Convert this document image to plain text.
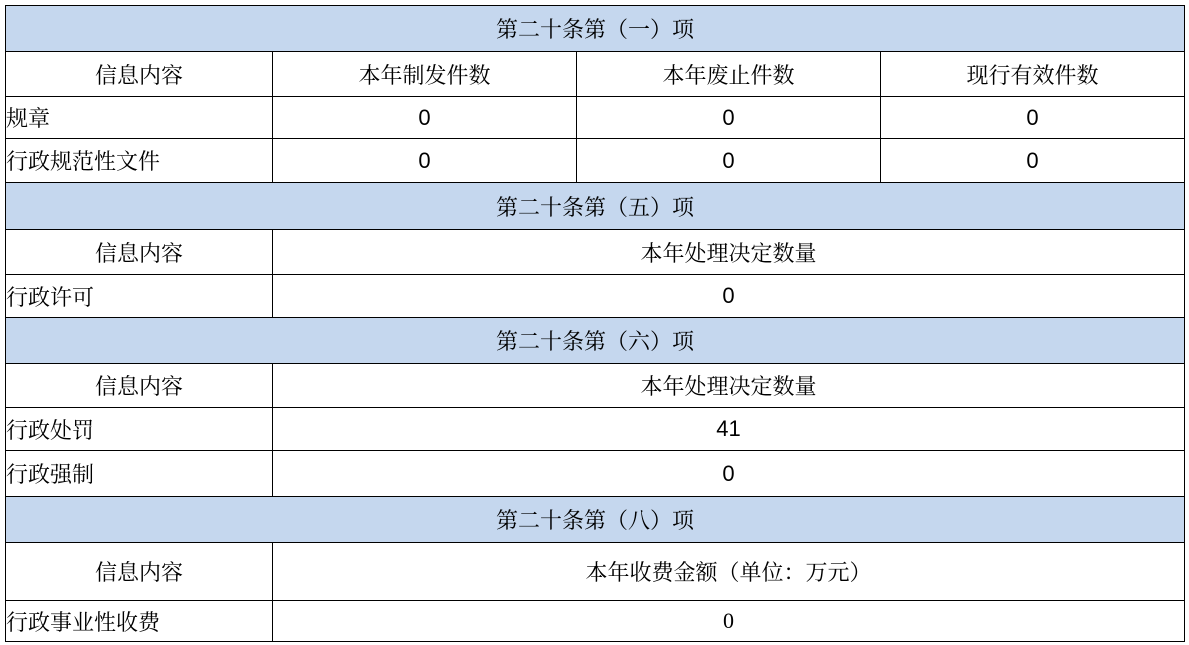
第二十条第（一）项			
信息内容	本年制发件数	本年废止件数	现行有效件数
规章	0	0	0
行政规范性文件	0	0	0
第二十条第（五）项			
信息内容	本年处理决定数量		
行政许可	0		
第二十条第（六）项			
信息内容	本年处理决定数量		
行政处罚	41		
行政强制	0		
第二十条第（八）项			
信息内容	本年收费金额（单位：万元）		
行政事业性收费	0		
